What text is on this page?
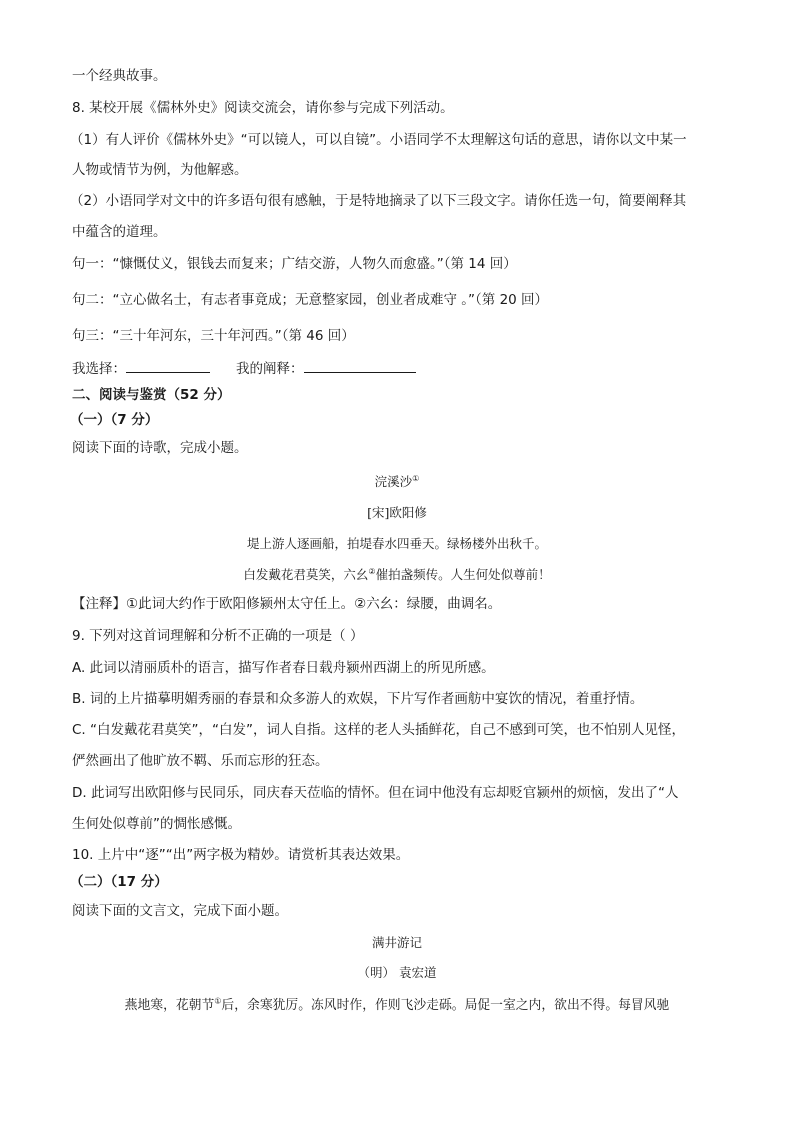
一个经典故事。
8. 某校开展《儒林外史》阅读交流会，请你参与完成下列活动。
（1）有人评价《儒林外史》“可以镜人，可以自镜”。小语同学不太理解这句话的意思，请你以文中某一
人物或情节为例，为他解惑。
（2）小语同学对文中的许多语句很有感触，于是特地摘录了以下三段文字。请你任选一句，简要阐释其
中蕴含的道理。
句一：“慷慨仗义，银钱去而复来；广结交游，人物久而愈盛。”（第 14 回）
句二：“立心做名士，有志者事竟成；无意整家园，创业者成难守 。”（第 20 回）
句三：“三十年河东，三十年河西。”（第 46 回）
我选择：	我的阐释：
二、阅读与鉴赏（52 分）
（一）（7 分）
阅读下面的诗歌，完成小题。
浣溪沙①
[宋]欧阳修
堤上游人逐画船，拍堤春水四垂天。绿杨楼外出秋千。
白发戴花君莫笑，六幺②催拍盏频传。人生何处似尊前！
【注释】①此词大约作于欧阳修颍州太守任上。②六幺：绿腰，曲调名。
9. 下列对这首词理解和分析不正确的一项是（ ）
A. 此词以清丽质朴的语言，描写作者春日载舟颍州西湖上的所见所感。
B. 词的上片描摹明媚秀丽的春景和众多游人的欢娱，下片写作者画舫中宴饮的情况，着重抒情。
C. “白发戴花君莫笑”，“白发”，词人自指。这样的老人头插鲜花，自己不感到可笑，也不怕别人见怪，
俨然画出了他旷放不羁、乐而忘形的狂态。
D. 此词写出欧阳修与民同乐，同庆春天莅临的情怀。但在词中他没有忘却贬官颍州的烦恼，发出了“人
生何处似尊前”的惆怅感慨。
10. 上片中“逐”“出”两字极为精妙。请赏析其表达效果。
（二）（17 分）
阅读下面的文言文，完成下面小题。
满井游记
（明） 袁宏道
燕地寒，花朝节①后，余寒犹厉。冻风时作，作则飞沙走砾。局促一室之内，欲出不得。每冒风驰
